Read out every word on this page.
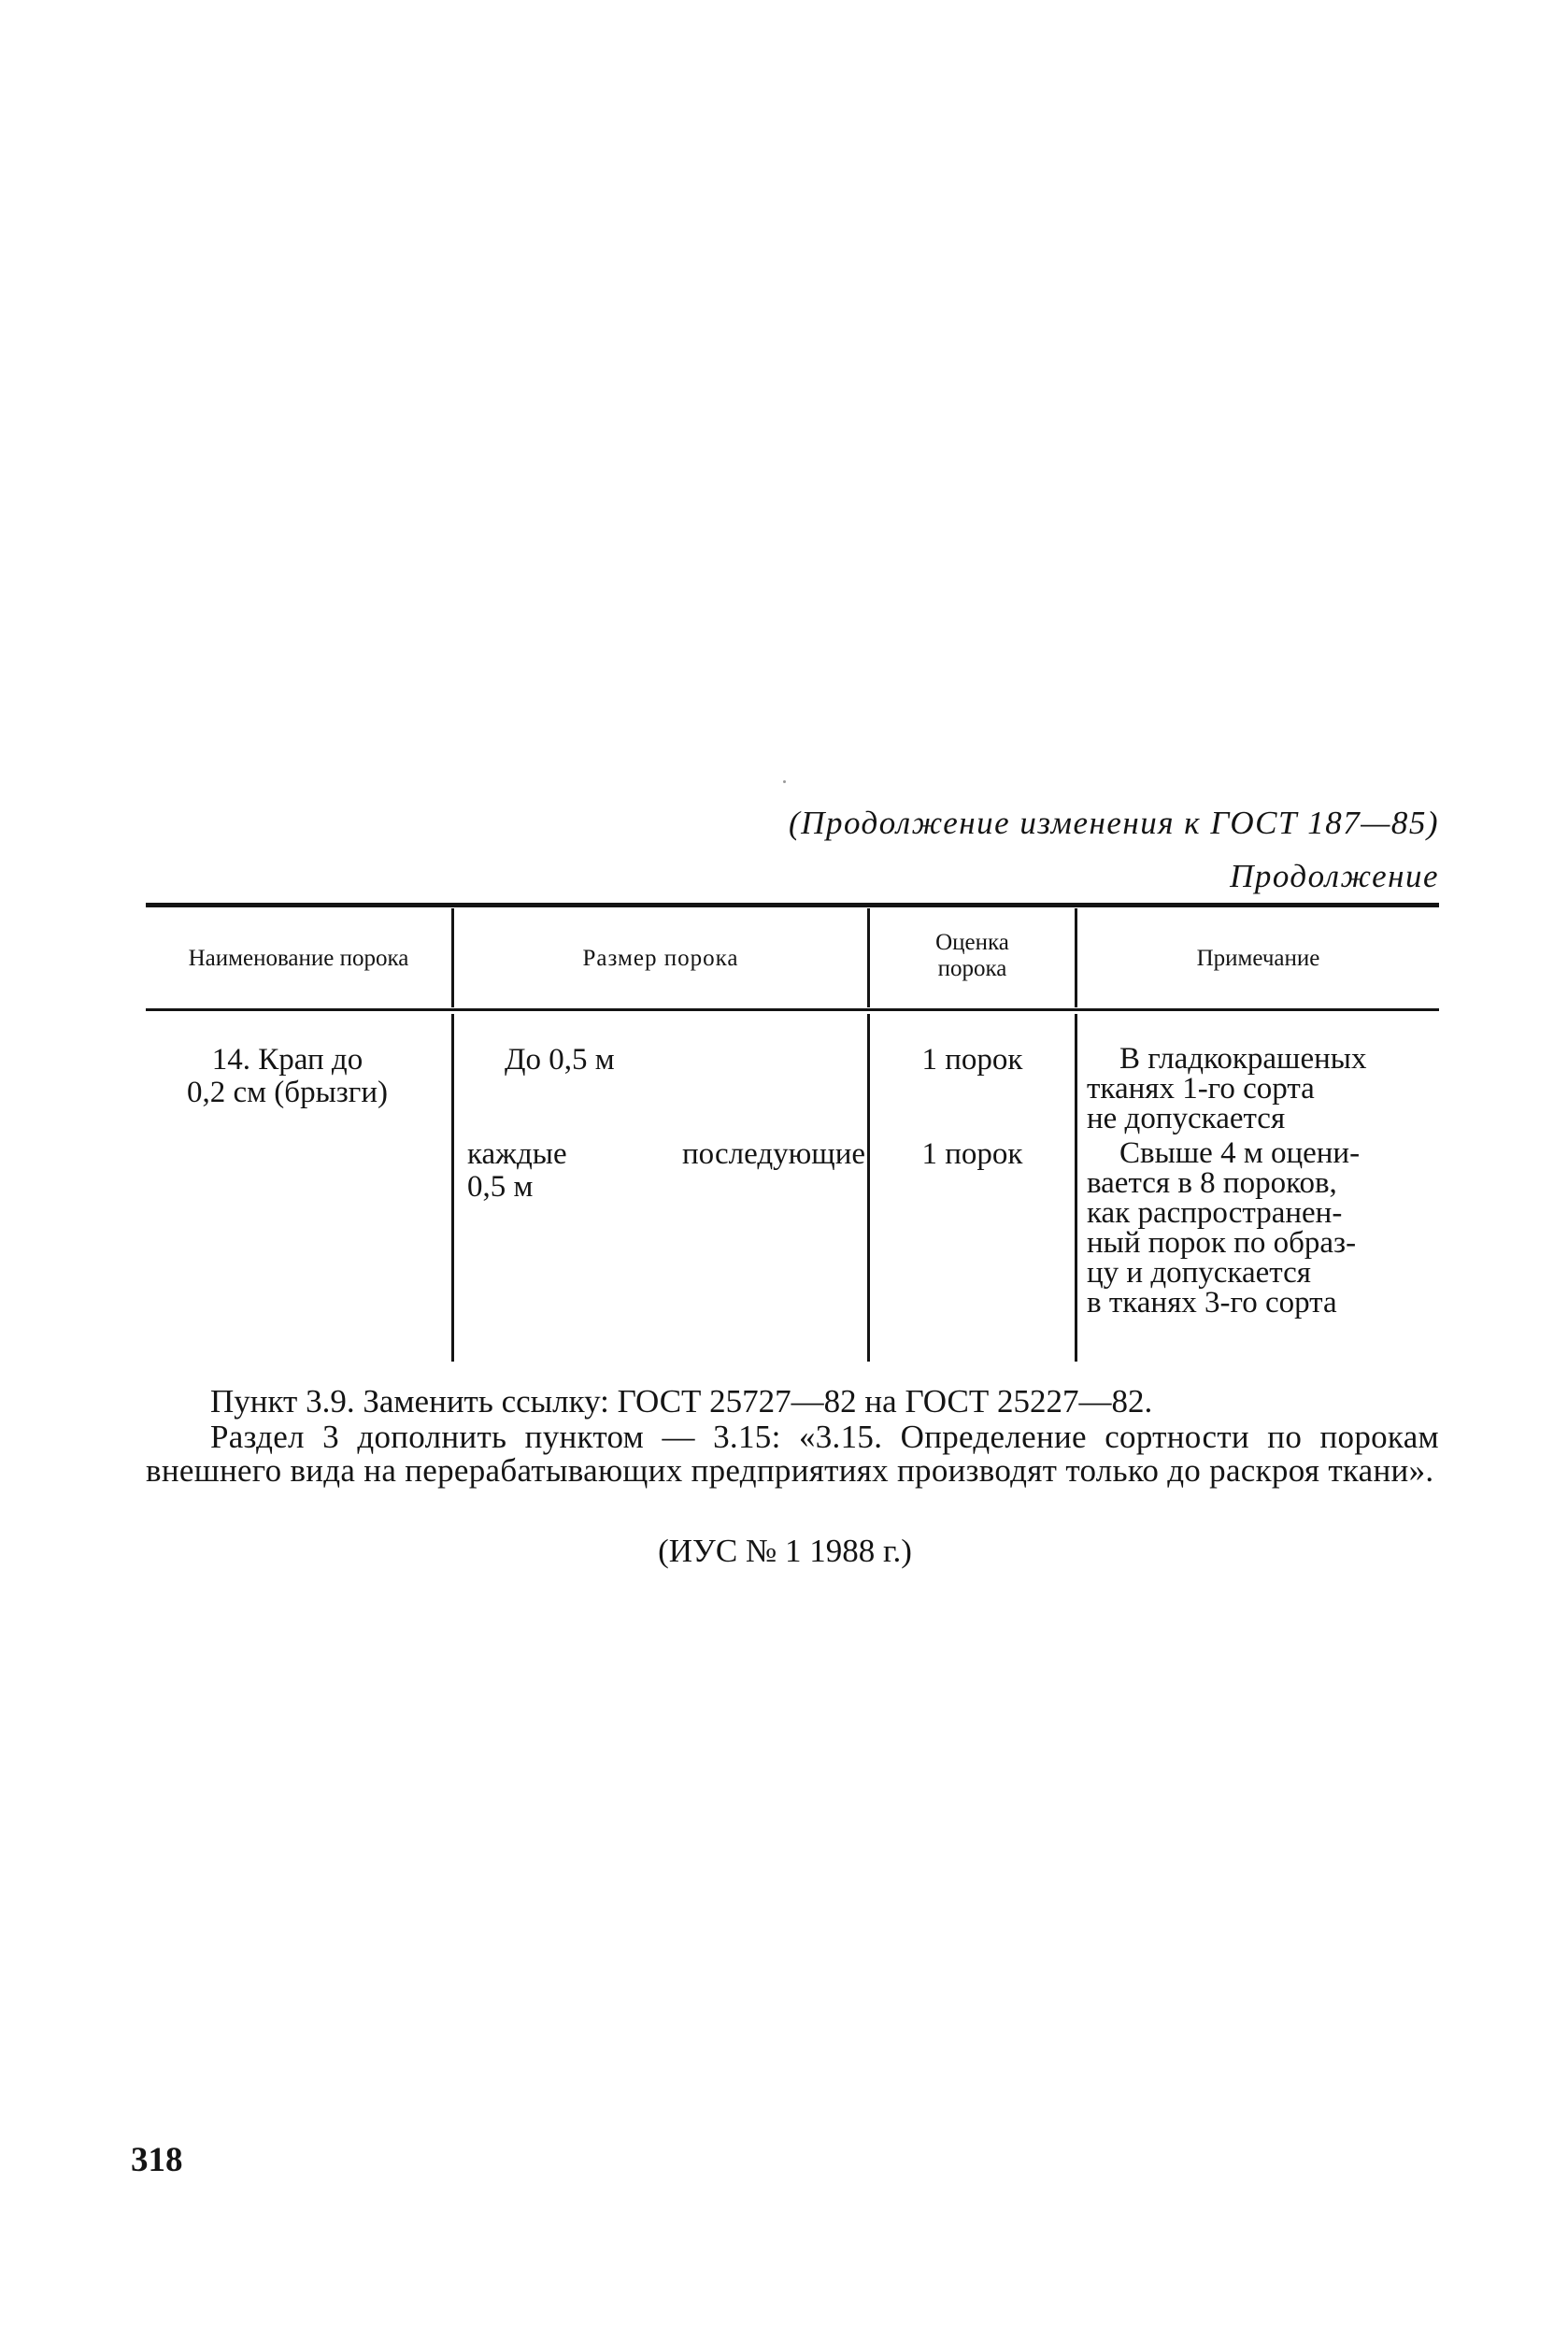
(Продолжение изменения к ГОСТ 187—85)
Продолжение
Наименование порока	Размер порока
Оценка
порока	Примечание
14. Крап до
0,2 см (брызги)
До 0,5 м
каждые последующие
0,5 м
1 порок
1 порок
В гладкокрашеных
тканях 1-го сорта
не допускается
Свыше 4 м оцени-
вается в 8 пороков,
как распространен-
ный порок по образ-
цу и допускается
в тканях 3-го сорта
Пункт 3.9. Заменить ссылку: ГОСТ 25727—82 на ГОСТ 25227—82.
Раздел 3 дополнить пунктом — 3.15: «3.15. Определение сортности по порокам внешнего вида на перерабатывающих предприятиях производят только до раскроя ткани».
(ИУС № 1 1988 г.)
318
